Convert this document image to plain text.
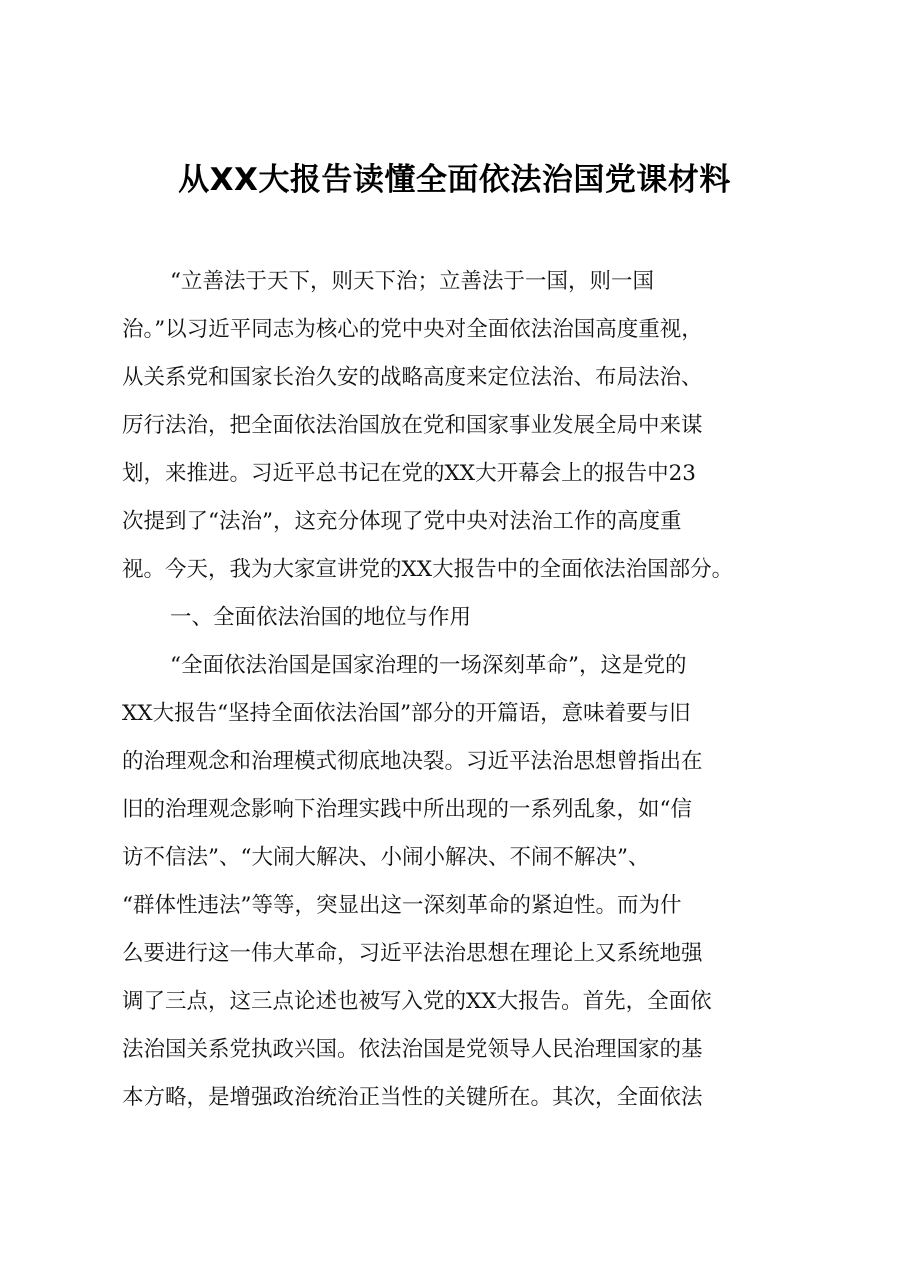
从XX大报告读懂全面依法治国党课材料
“立善法于天下，则天下治；立善法于一国，则一国
治。”以习近平同志为核心的党中央对全面依法治国高度重视，
从关系党和国家长治久安的战略高度来定位法治、布局法治、
厉行法治，把全面依法治国放在党和国家事业发展全局中来谋
划，来推进。习近平总书记在党的XX大开幕会上的报告中23
次提到了“法治”，这充分体现了党中央对法治工作的高度重
视。今天，我为大家宣讲党的XX大报告中的全面依法治国部分。
一、全面依法治国的地位与作用
“全面依法治国是国家治理的一场深刻革命”，这是党的
XX大报告“坚持全面依法治国”部分的开篇语，意味着要与旧
的治理观念和治理模式彻底地决裂。习近平法治思想曾指出在
旧的治理观念影响下治理实践中所出现的一系列乱象，如“信
访不信法”、“大闹大解决、小闹小解决、不闹不解决”、
“群体性违法”等等，突显出这一深刻革命的紧迫性。而为什
么要进行这一伟大革命，习近平法治思想在理论上又系统地强
调了三点，这三点论述也被写入党的XX大报告。首先，全面依
法治国关系党执政兴国。依法治国是党领导人民治理国家的基
本方略，是增强政治统治正当性的关键所在。其次，全面依法
